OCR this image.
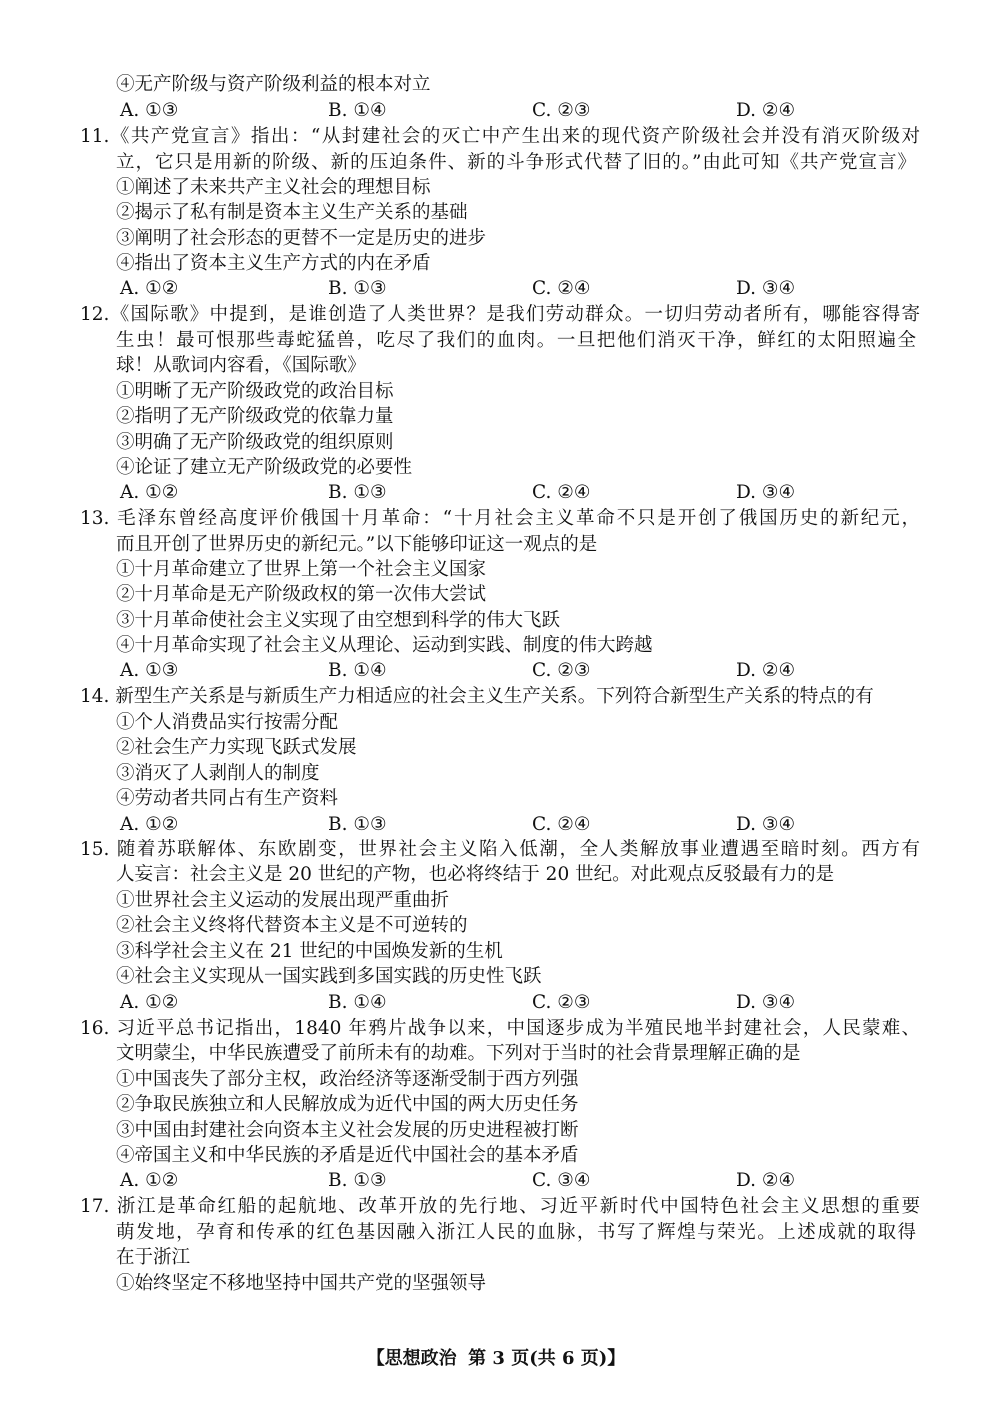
④无产阶级与资产阶级利益的根本对立
A. ①③	B. ①④	C. ②③	D. ②④
11.《共产党宣言》指出：“从封建社会的灭亡中产生出来的现代资产阶级社会并没有消灭阶级对
立，它只是用新的阶级、新的压迫条件、新的斗争形式代替了旧的。”由此可知《共产党宣言》
①阐述了未来共产主义社会的理想目标
②揭示了私有制是资本主义生产关系的基础
③阐明了社会形态的更替不一定是历史的进步
④指出了资本主义生产方式的内在矛盾
A. ①②	B. ①③	C. ②④	D. ③④
12.《国际歌》中提到，是谁创造了人类世界？是我们劳动群众。一切归劳动者所有，哪能容得寄
生虫！最可恨那些毒蛇猛兽，吃尽了我们的血肉。一旦把他们消灭干净，鲜红的太阳照遍全
球！从歌词内容看，《国际歌》
①明晰了无产阶级政党的政治目标
②指明了无产阶级政党的依靠力量
③明确了无产阶级政党的组织原则
④论证了建立无产阶级政党的必要性
A. ①②	B. ①③	C. ②④	D. ③④
13. 毛泽东曾经高度评价俄国十月革命：“十月社会主义革命不只是开创了俄国历史的新纪元，
而且开创了世界历史的新纪元。”以下能够印证这一观点的是
①十月革命建立了世界上第一个社会主义国家
②十月革命是无产阶级政权的第一次伟大尝试
③十月革命使社会主义实现了由空想到科学的伟大飞跃
④十月革命实现了社会主义从理论、运动到实践、制度的伟大跨越
A. ①③	B. ①④	C. ②③	D. ②④
14. 新型生产关系是与新质生产力相适应的社会主义生产关系。下列符合新型生产关系的特点的有
①个人消费品实行按需分配
②社会生产力实现飞跃式发展
③消灭了人剥削人的制度
④劳动者共同占有生产资料
A. ①②	B. ①③	C. ②④	D. ③④
15. 随着苏联解体、东欧剧变，世界社会主义陷入低潮，全人类解放事业遭遇至暗时刻。西方有
人妄言：社会主义是 20 世纪的产物，也必将终结于 20 世纪。对此观点反驳最有力的是
①世界社会主义运动的发展出现严重曲折
②社会主义终将代替资本主义是不可逆转的
③科学社会主义在 21 世纪的中国焕发新的生机
④社会主义实现从一国实践到多国实践的历史性飞跃
A. ①②	B. ①④	C. ②③	D. ③④
16. 习近平总书记指出，1840 年鸦片战争以来，中国逐步成为半殖民地半封建社会，人民蒙难、
文明蒙尘，中华民族遭受了前所未有的劫难。下列对于当时的社会背景理解正确的是
①中国丧失了部分主权，政治经济等逐渐受制于西方列强
②争取民族独立和人民解放成为近代中国的两大历史任务
③中国由封建社会向资本主义社会发展的历史进程被打断
④帝国主义和中华民族的矛盾是近代中国社会的基本矛盾
A. ①②	B. ①③	C. ③④	D. ②④
17. 浙江是革命红船的起航地、改革开放的先行地、习近平新时代中国特色社会主义思想的重要
萌发地，孕育和传承的红色基因融入浙江人民的血脉，书写了辉煌与荣光。上述成就的取得
在于浙江
①始终坚定不移地坚持中国共产党的坚强领导
【思想政治 第 3 页(共 6 页)】
